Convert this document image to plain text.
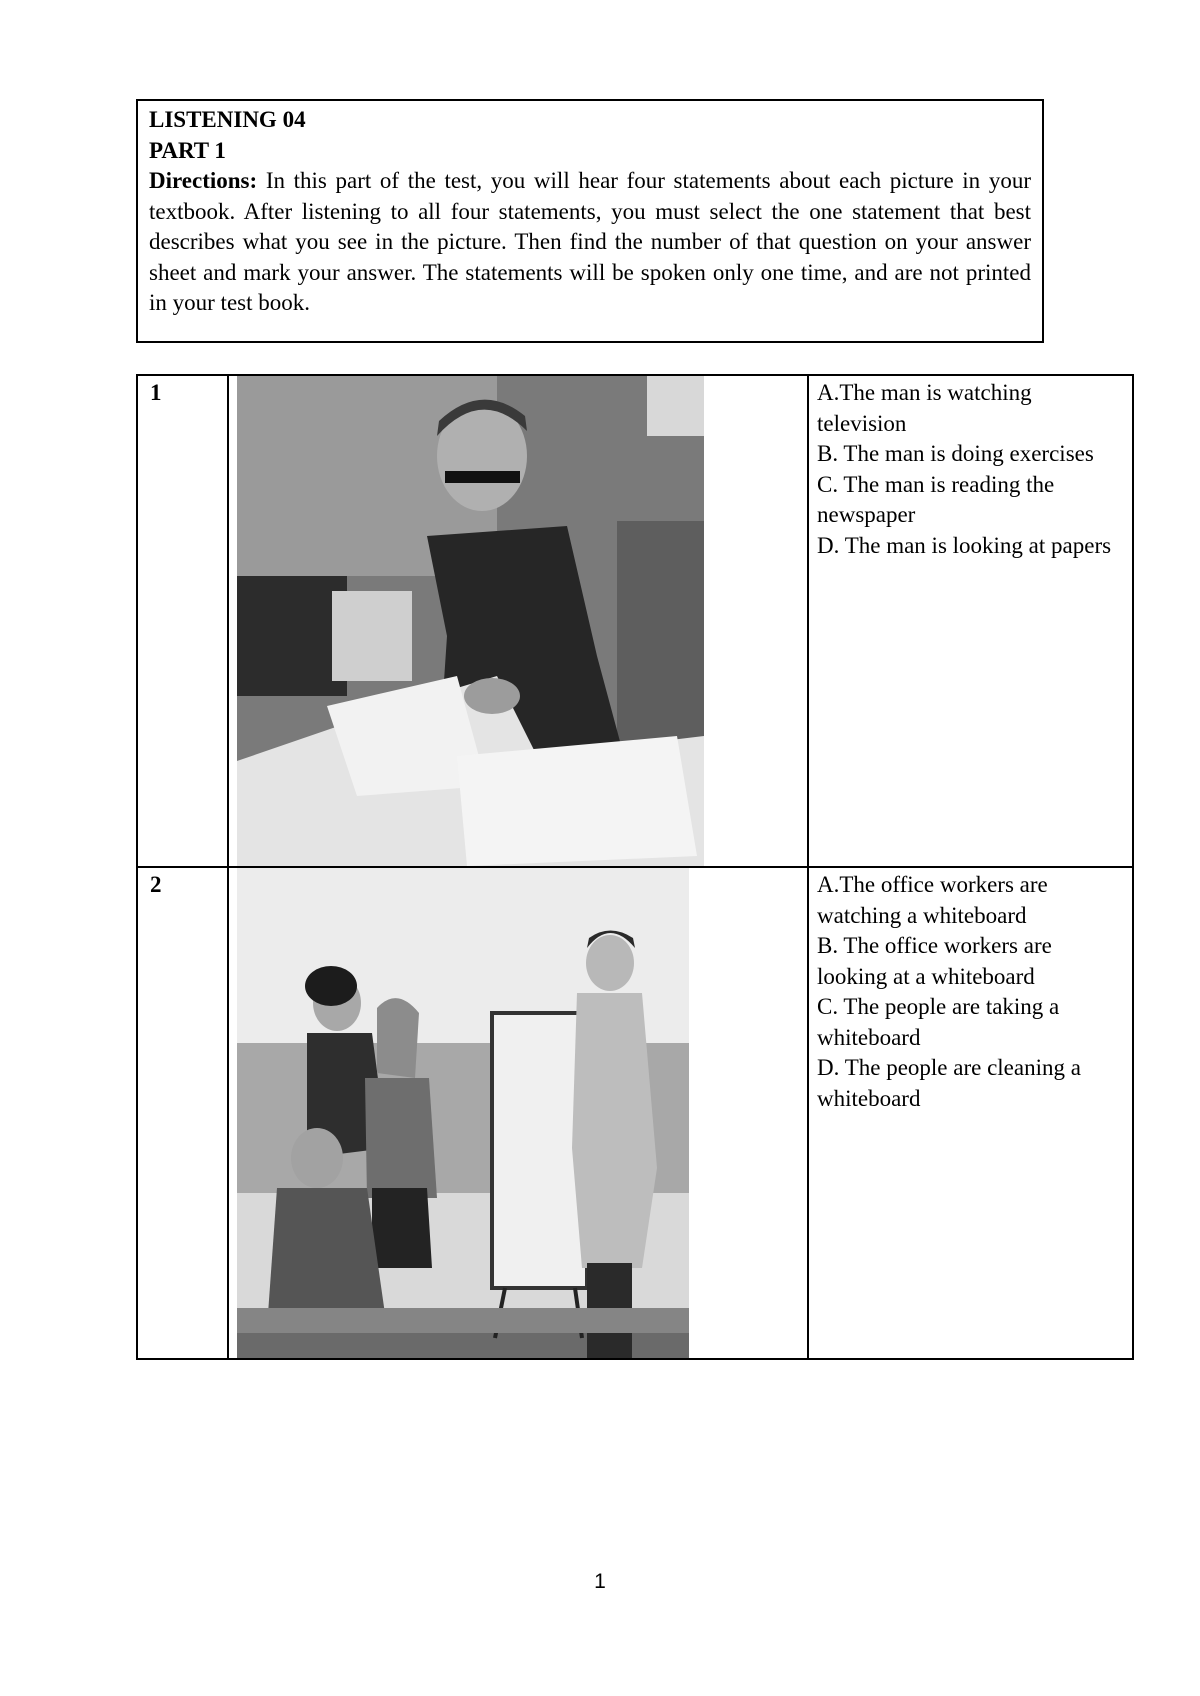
LISTENING 04
PART 1

Directions: In this part of the test, you will hear four statements about each picture in your textbook. After listening to all four statements, you must select the one statement that best describes what you see in the picture. Then find the number of that question on your answer sheet and mark your answer. The statements will be spoken only one time, and are not printed in your test book.

1		A.The man is watching television
B. The man is doing exercises
C. The man is reading the newspaper
D. The man is looking at papers

2		A.The office workers are watching a whiteboard
B. The office workers are looking at a whiteboard
C. The people are taking a whiteboard
D. The people are cleaning a whiteboard
1
